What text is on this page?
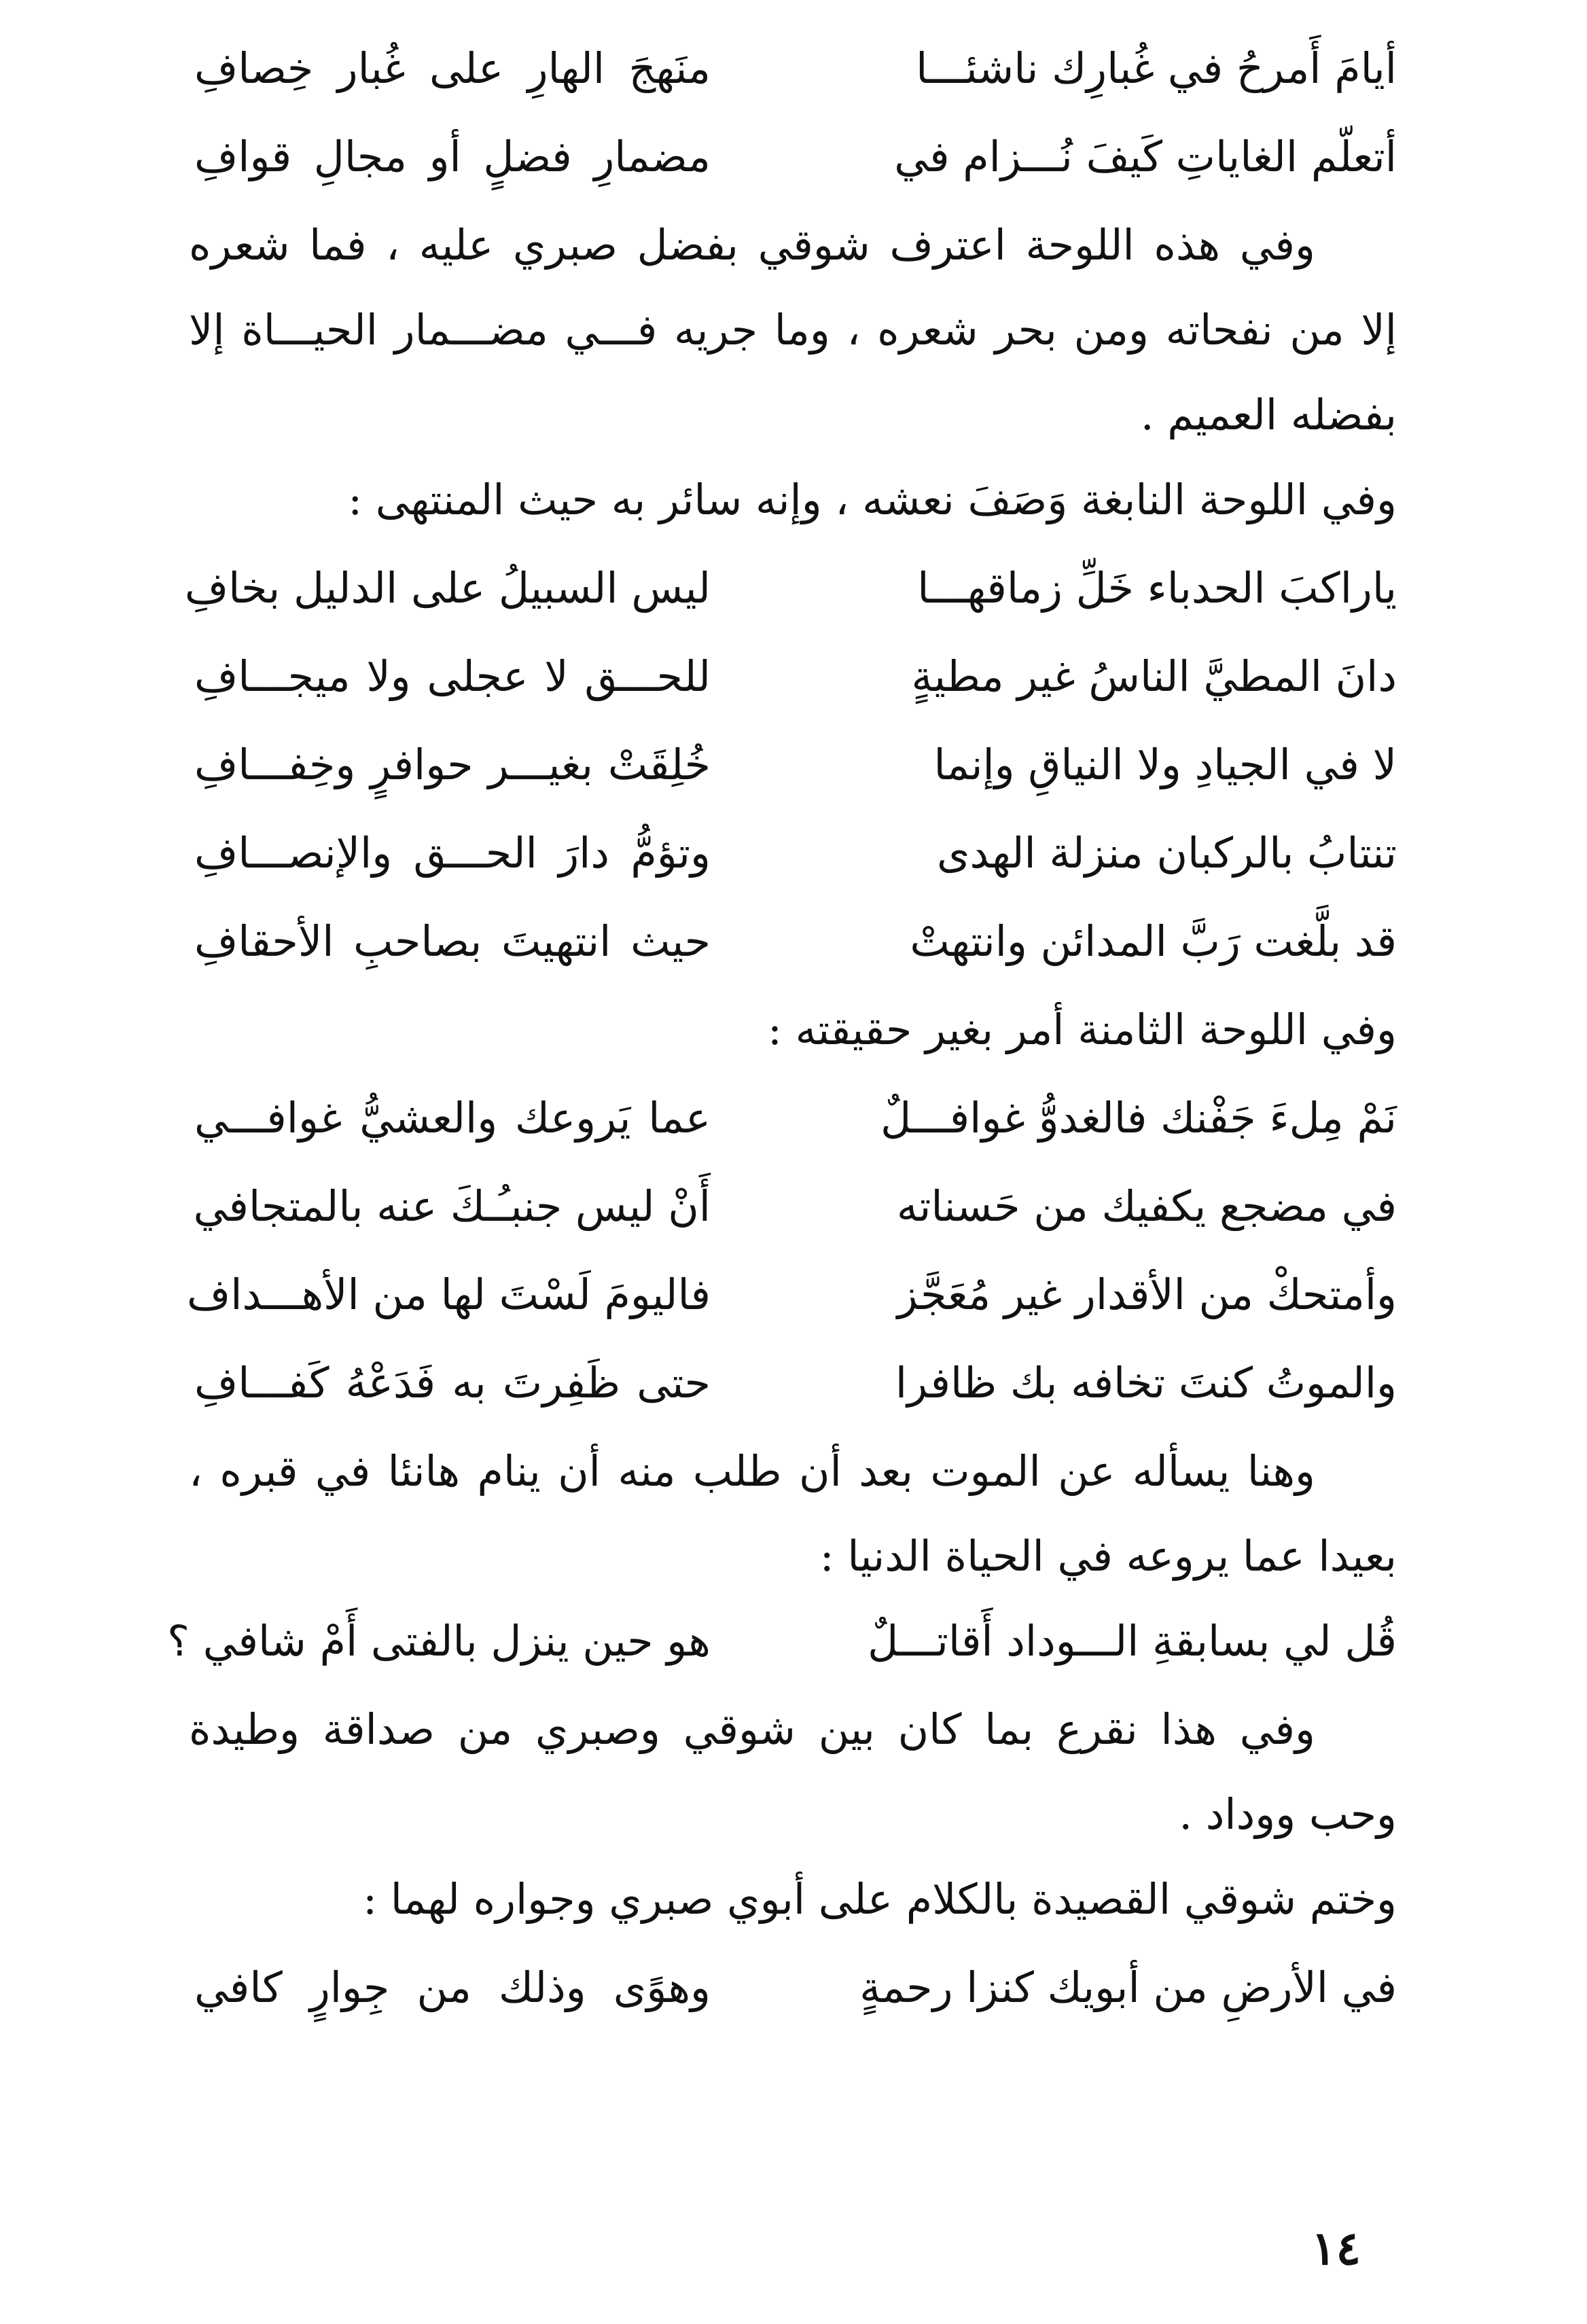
أيامَ أَمرحُ في غُبارِك ناشئـــا
منَهجَ الهارِ على غُبار خِصافِ
أتعلّم الغاياتِ كَيفَ نُـــزام في
مضمارِ فضلٍ أو مجالِ قوافِ
وفي هذه اللوحة اعترف شوقي بفضل صبري عليه ، فما شعره
إلا من نفحاته ومن بحر شعره ، وما جريه فـــي مضـــمار الحيـــاة إلا
بفضله العميم .
وفي اللوحة النابغة وَصَفَ نعشه ، وإنه سائر به حيث المنتهى :
ياراكبَ الحدباء خَلِّ زماقهـــا
ليس السبيلُ على الدليل بخافِ
دانَ المطيَّ الناسُ غير مطيةٍ
للحـــق لا عجلى ولا ميجـــافِ
لا في الجيادِ ولا النياقِ وإنما
خُلِقَتْ بغيـــر حوافرٍ وخِفـــافِ
تنتابُ بالركبان منزلة الهدى
وتؤمُّ دارَ الحـــق والإنصـــافِ
قد بلَّغت رَبَّ المدائن وانتهتْ
حيث انتهيتَ بصاحبِ الأحقافِ
وفي اللوحة الثامنة أمر بغير حقيقته :
نَمْ مِلءَ جَفْنك فالغدوُّ غوافـــلٌ
عما يَروعك والعشيُّ غوافـــي
في مضجع يكفيك من حَسناته
أَنْ ليس جنبـُـكَ عنه بالمتجافي
وأمتحكْ من الأقدار غير مُعَجَّز
فاليومَ لَسْتَ لها من الأهـــداف
والموتُ كنتَ تخافه بك ظافرا
حتى ظَفِرتَ به فَدَعْهُ كَفـــافِ
وهنا يسأله عن الموت بعد أن طلب منه أن ينام هانئا في قبره ،
بعيدا عما يروعه في الحياة الدنيا :
قُل لي بسابقةِ الـــوداد أَقاتـــلٌ
هو حين ينزل بالفتى أَمْ شافي ؟
وفي هذا نقرع بما كان بين شوقي وصبري من صداقة وطيدة
وحب ووداد .
وختم شوقي القصيدة بالكلام على أبوي صبري وجواره لهما :
في الأرضِ من أبويك كنزا رحمةٍ
وهوًى وذلك من جِوارٍ كافي
١٤
